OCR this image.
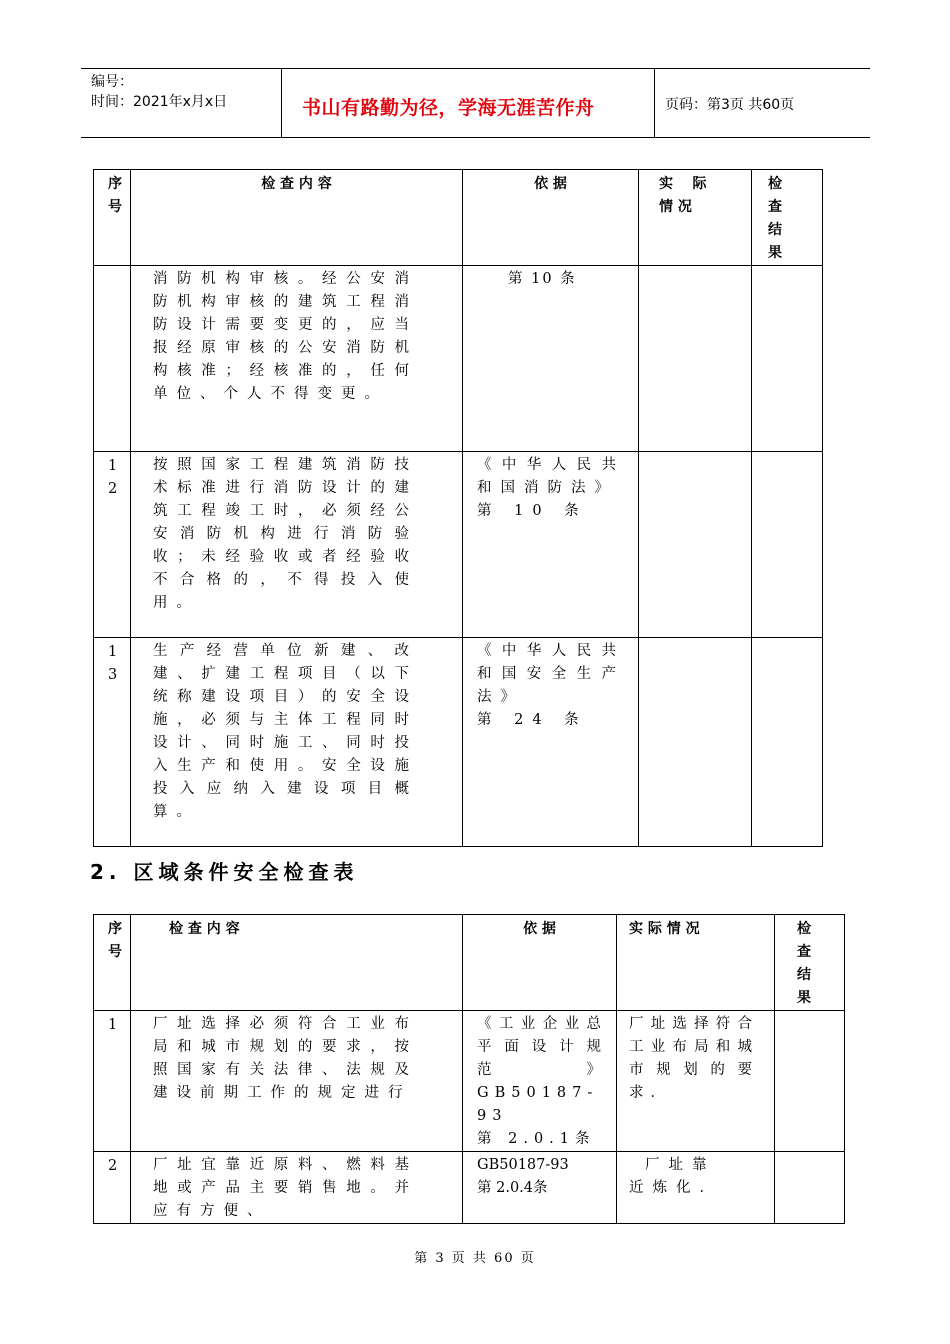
编号：
时间：2021年x月x日	书山有路勤为径，学海无涯苦作舟	页码：第3页 共60页
序
号	检 查 内 容	依 据	实    际
情 况	检
查
结
果

	消防机构审核。经公安消防机构审核的建筑工程消防设计需要变更的，应当报经原审核的公安消防机构核准；经核准的，任何单位、个人不得变更。	第 10 条		

12	按照国家工程建筑消防技术标准进行消防设计的建筑工程竣工时，必须经公安消防机构进行消防验收；未经验收或者经验收不合格的，不得投入使用。	《中华人民共和国消防法》
第 10 条		

13	生产经营单位新建、改建、扩建工程项目（以下统称建设项目）的安全设施，必须与主体工程同时设计、同时施工、同时投入生产和使用。安全设施投入应纳入建设项目概算。	《中华人民共和国安全生产法》
第 24 条		

2. 区域条件安全检查表
序
号	检 查 内 容	依 据	实 际 情 况	检
查
结
果
1	厂址选择必须符合工业布局和城市规划的要求，按照国家有关法律、法规及建设前期工作的规定进行	《工业企业总平面设计规范》GB50187-93
第 2.0.1条	厂址选择符合工业布局和城市规划的要求．	

2	厂址宜靠近原料、燃料基地或产品主要销售地。并应有方便、	GB50187-93
第 2.0.4条	厂址靠近炼化．	

第 3 页 共 60 页
